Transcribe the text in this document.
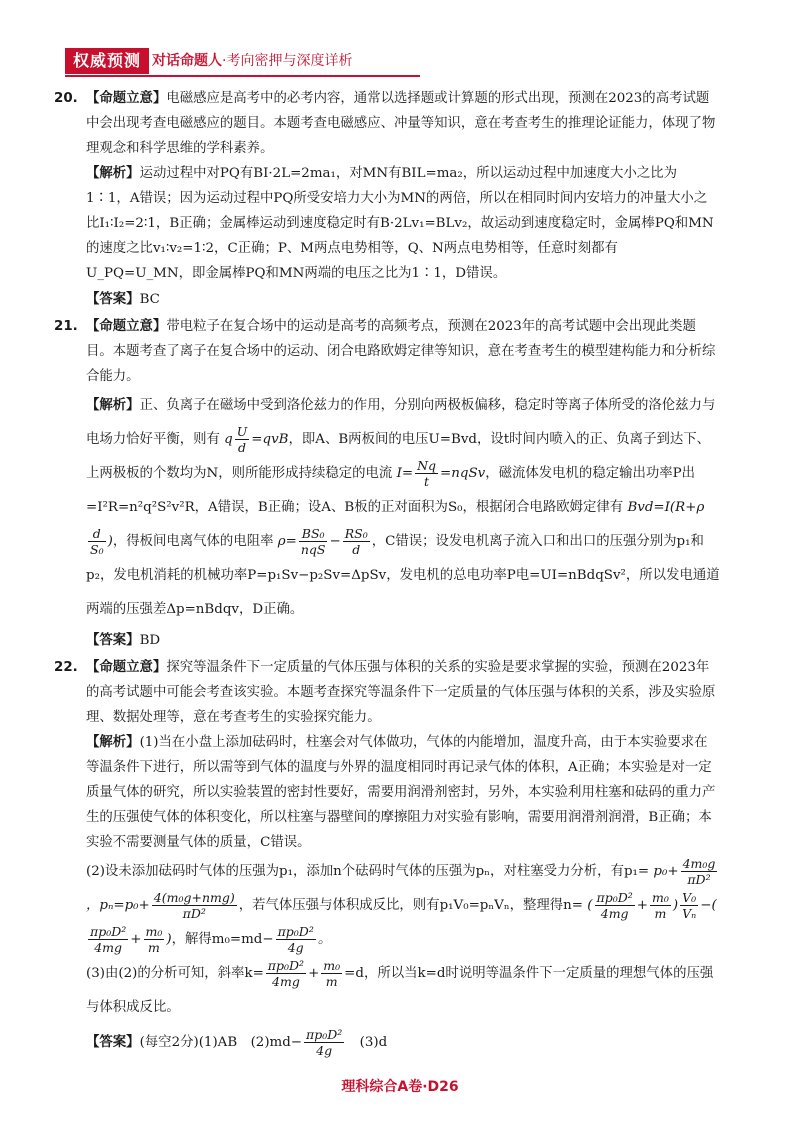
权威预测 对话命题人·考向密押与深度详析
20. 【命题立意】电磁感应是高考中的必考内容，通常以选择题或计算题的形式出现，预测在2023的高考试题中会出现考查电磁感应的题目。本题考查电磁感应、冲量等知识，意在考查考生的推理论证能力，体现了物理观念和科学思维的学科素养。
【解析】运动过程中对PQ有BI·2L=2ma₁，对MN有BIL=ma₂，所以运动过程中加速度大小之比为1∶1，A错误；因为运动过程中PQ所受安培力大小为MN的两倍，所以在相同时间内安培力的冲量大小之比I₁∶I₂=2∶1，B正确；金属棒运动到速度稳定时有B·2Lv₁=BLv₂，故运动到速度稳定时，金属棒PQ和MN的速度之比v₁∶v₂=1∶2，C正确；P、M两点电势相等，Q、N两点电势相等，任意时刻都有U_PQ=U_MN，即金属棒PQ和MN两端的电压之比为1∶1，D错误。
【答案】BC
21. 【命题立意】带电粒子在复合场中的运动是高考的高频考点，预测在2023年的高考试题中会出现此类题目。本题考查了离子在复合场中的运动、闭合电路欧姆定律等知识，意在考查考生的模型建构能力和分析综合能力。
【解析】正、负离子在磁场中受到洛伦兹力的作用，分别向两极板偏移，稳定时等离子体所受的洛伦兹力与电场力恰好平衡，则有 q $\frac{U}{d} =qvB$，即A、B两板间的电压U=Bvd，设t时间内喷入的正、负离子到达下、上两极板的个数均为N，则所能形成持续稳定的电流 $I= \frac{Nq}{t}$ =nqSv，磁流体发电机的稳定输出功率P出=I²R=n²q²S²v²R，A错误，B正确；设A、B板的正对面积为S₀，根据闭合电路欧姆定律有 Bvd=I(R+ρ
$\frac{d}{\text{S₀}}$ )，得板间电离气体的电阻率 $\rho= \frac{\text{BS₀}}{\text{nqS}} - \frac{\text{RS₀}}{d}$ ，C错误；设发电机离子流入口和出口的压强分别为p₁和p₂，发电机消耗的机械功率P=p₁Sv−p₂Sv=ΔpSv，发电机的总电功率P电=UI=nBdqSv²，所以发电通道两端的压强差Δp=nBdqv，D正确。
【答案】BD
22. 【命题立意】探究等温条件下一定质量的气体压强与体积的关系的实验是要求掌握的实验，预测在2023年的高考试题中可能会考查该实验。本题考查探究等温条件下一定质量的气体压强与体积的关系，涉及实验原理、数据处理等，意在考查考生的实验探究能力。
【解析】(1)当在小盘上添加砝码时，柱塞会对气体做功，气体的内能增加，温度升高，由于本实验要求在等温条件下进行，所以需等到气体的温度与外界的温度相同时再记录气体的体积，A正确；本实验是对一定质量气体的研究，所以实验装置的密封性要好，需要用润滑剂密封，另外，本实验利用柱塞和砝码的重力产生的压强使气体的体积变化，所以柱塞与器壁间的摩擦阻力对实验有影响，需要用润滑剂润滑，B正确；本实验不需要测量气体的质量，C错误。
(2)设未添加砝码时气体的压强为p₁，添加n个砝码时气体的压强为pₙ，对柱塞受力分析，有$p_1= p_0+ \frac{\text{4m₀g}}{\text{πD²}}$
，$p_n=p_0+ \frac{\text{4(m₀g+nmg)}}{\text{πD²}}$ ，若气体压强与体积成反比，则有p₁V₀=pₙVₙ，整理得n= ( $\frac{\text{πp₀D²}}{4mg} + \frac{\text{m₀}}{m}$ ) $\frac{\text{V₀}}{\text{Vₙ}}$ −(
$\frac{\text{πp₀D²}}{4mg} + \frac{\text{m₀}}{m}$ )，解得$m_0=md- \frac{\text{πp₀D²}}{4g}$ 。
(3)由(2)的分析可知，斜率$k= \frac{\text{πp₀D²}}{4mg} + \frac{\text{m₀}}{m} =d$，所以当k=d时说明等温条件下一定质量的理想气体的压强与体积成反比。
【答案】(每空2分)(1)AB　$(2)md- \frac{\text{πp₀D²}}{4g}$ 　(3)d
理科综合A卷·D26
